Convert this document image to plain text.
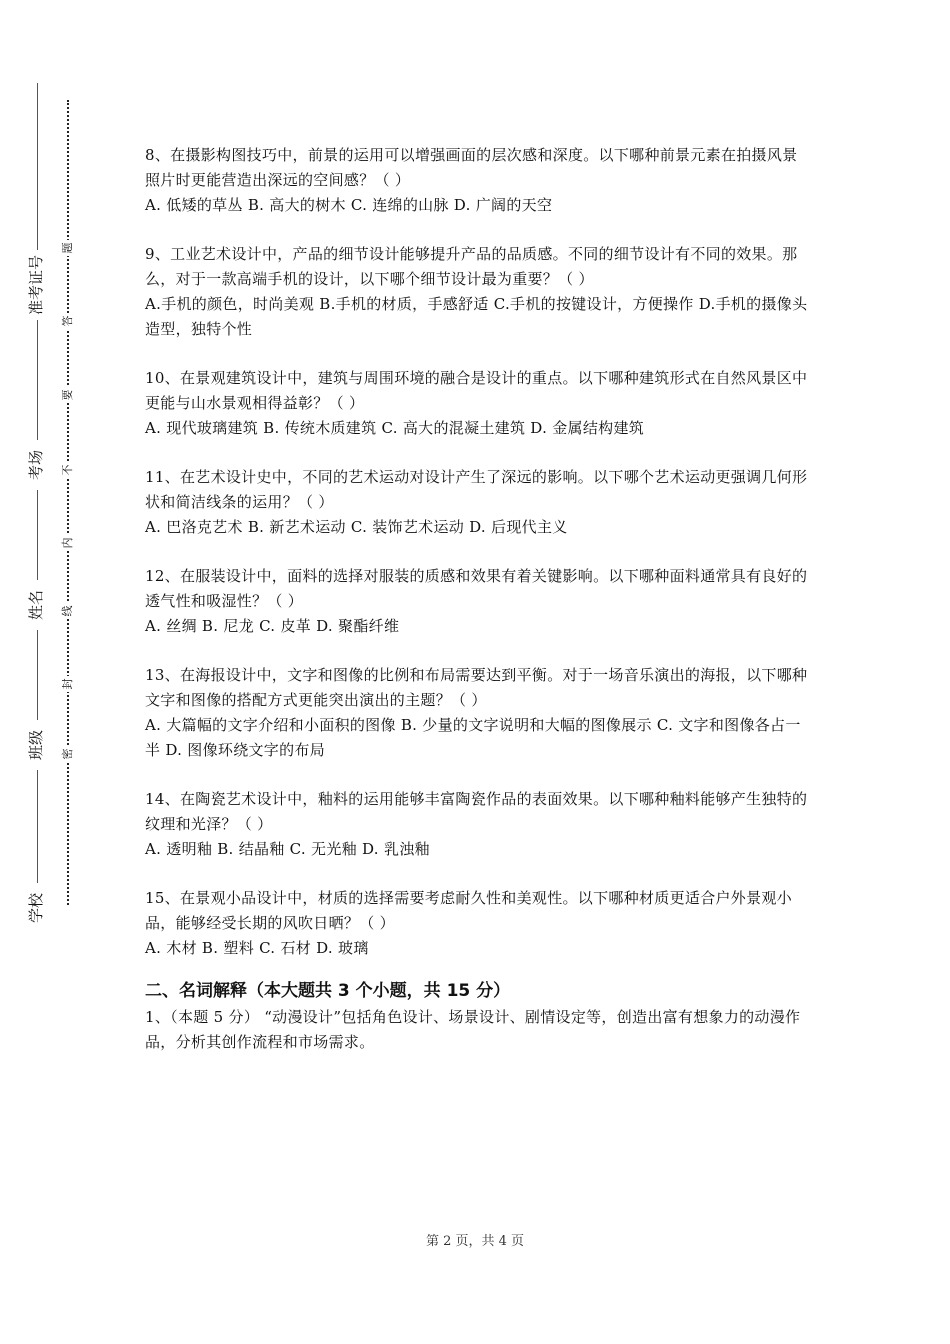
准考证号
考场
姓名
班级
学校
题
答
要
不
内
线
封
密

8、在摄影构图技巧中，前景的运用可以增强画面的层次感和深度。以下哪种前景元素在拍摄风景照片时更能营造出深远的空间感？（ ）

A. 低矮的草丛 B. 高大的树木 C. 连绵的山脉 D. 广阔的天空

9、工业艺术设计中，产品的细节设计能够提升产品的品质感。不同的细节设计有不同的效果。那么，对于一款高端手机的设计，以下哪个细节设计最为重要？（ ）

A.手机的颜色，时尚美观 B.手机的材质，手感舒适 C.手机的按键设计，方便操作 D.手机的摄像头造型，独特个性

10、在景观建筑设计中，建筑与周围环境的融合是设计的重点。以下哪种建筑形式在自然风景区中更能与山水景观相得益彰？（ ）

A. 现代玻璃建筑 B. 传统木质建筑 C. 高大的混凝土建筑 D. 金属结构建筑

11、在艺术设计史中，不同的艺术运动对设计产生了深远的影响。以下哪个艺术运动更强调几何形状和简洁线条的运用？（ ）

A. 巴洛克艺术 B. 新艺术运动 C. 装饰艺术运动 D. 后现代主义

12、在服装设计中，面料的选择对服装的质感和效果有着关键影响。以下哪种面料通常具有良好的透气性和吸湿性？（ ）

A. 丝绸 B. 尼龙 C. 皮革 D. 聚酯纤维

13、在海报设计中，文字和图像的比例和布局需要达到平衡。对于一场音乐演出的海报，以下哪种文字和图像的搭配方式更能突出演出的主题？（ ）

A. 大篇幅的文字介绍和小面积的图像 B. 少量的文字说明和大幅的图像展示 C. 文字和图像各占一半 D. 图像环绕文字的布局

14、在陶瓷艺术设计中，釉料的运用能够丰富陶瓷作品的表面效果。以下哪种釉料能够产生独特的纹理和光泽？（ ）

A. 透明釉 B. 结晶釉 C. 无光釉 D. 乳浊釉

15、在景观小品设计中，材质的选择需要考虑耐久性和美观性。以下哪种材质更适合户外景观小品，能够经受长期的风吹日晒？（ ）

A. 木材 B. 塑料 C. 石材 D. 玻璃

二、名词解释（本大题共 3 个小题，共 15 分）

1、（本题 5 分） “动漫设计”包括角色设计、场景设计、剧情设定等，创造出富有想象力的动漫作品，分析其创作流程和市场需求。

第 2 页，共 4 页
